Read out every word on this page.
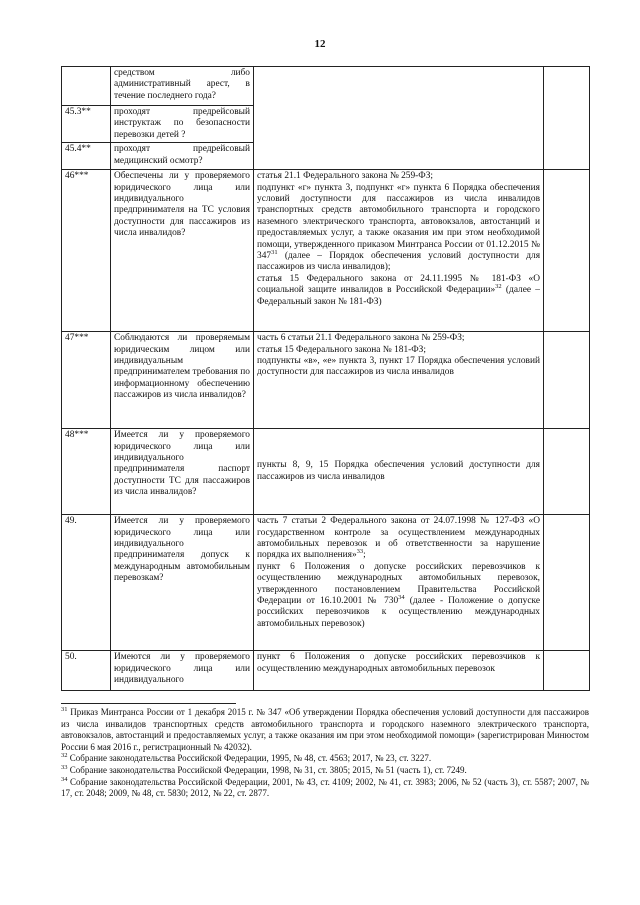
12
	средством либо административный арест, в течение последнего года?		
45.3**	проходят предрейсовый инструктаж по безопасности перевозки детей ?		
45.4**	проходят предрейсовый медицинский осмотр?		
46***	Обеспечены ли у проверяемого юридического лица или индивидуального предпринимателя на ТС условия доступности для пассажиров из числа инвалидов?	статья 21.1 Федерального закона № 259-ФЗ;
подпункт «г» пункта 3, подпункт «г» пункта 6 Порядка обеспечения условий доступности для пассажиров из числа инвалидов транспортных средств автомобильного транспорта и городского наземного электрического транспорта, автовокзалов, автостанций и предоставляемых услуг, а также оказания им при этом необходимой помощи, утвержденного приказом Минтранса России от 01.12.2015 № $347^{31}$ (далее – Порядок обеспечения условий доступности для пассажиров из числа инвалидов);
статья 15 Федерального закона от 24.11.1995 № 181-ФЗ «О социальной защите инвалидов в Российской Федерации»$^{32}$ (далее – Федеральный закон № 181-ФЗ)	

47***	Соблюдаются ли проверяемым юридическим лицом или индивидуальным предпринимателем требования по информационному обеспечению пассажиров из числа инвалидов?	часть 6 статьи 21.1 Федерального закона № 259-ФЗ;
статья 15 Федерального закона № 181-ФЗ;
подпункты «в», «е» пункта 3, пункт 17 Порядка обеспечения условий доступности для пассажиров из числа инвалидов	

48***	Имеется ли у проверяемого юридического лица или индивидуального предпринимателя паспорт доступности ТС для пассажиров из числа инвалидов?	пункты 8, 9, 15 Порядка обеспечения условий доступности для пассажиров из числа инвалидов	

49.	Имеется ли у проверяемого юридического лица или индивидуального предпринимателя допуск к международным автомобильным перевозкам?	часть 7 статьи 2 Федерального закона от 24.07.1998 № 127-ФЗ «О государственном контроле за осуществлением международных автомобильных перевозок и об ответственности за нарушение порядка их выполнения»$^{33}$;
пункт 6 Положения о допуске российских перевозчиков к осуществлению международных автомобильных перевозок, утвержденного постановлением Правительства Российской Федерации от 16.10.2001 № $730^{34}$ (далее - Положение о допуске российских перевозчиков к осуществлению международных автомобильных перевозок)	

50.	Имеются ли у проверяемого юридического лица или индивидуального	пункт 6 Положения о допуске российских перевозчиков к осуществлению международных автомобильных перевозок	

$^{31}$ Приказ Минтранса России от 1 декабря 2015 г. № 347 «Об утверждении Порядка обеспечения условий доступности для пассажиров из числа инвалидов транспортных средств автомобильного транспорта и городского наземного электрического транспорта, автовокзалов, автостанций и предоставляемых услуг, а также оказания им при этом необходимой помощи» (зарегистрирован Минюстом России 6 мая 2016 г., регистрационный № 42032).

$^{32}$ Собрание законодательства Российской Федерации, 1995, № 48, ст. 4563; 2017, № 23, ст. 3227.

$^{33}$ Собрание законодательства Российской Федерации, 1998, № 31, ст. 3805; 2015, № 51 (часть 1), ст. 7249.

$^{34}$ Собрание законодательства Российской Федерации, 2001, № 43, ст. 4109; 2002, № 41, ст. 3983; 2006, № 52 (часть 3), ст. 5587; 2007, № 17, ст. 2048; 2009, № 48, ст. 5830; 2012, № 22, ст. 2877.
